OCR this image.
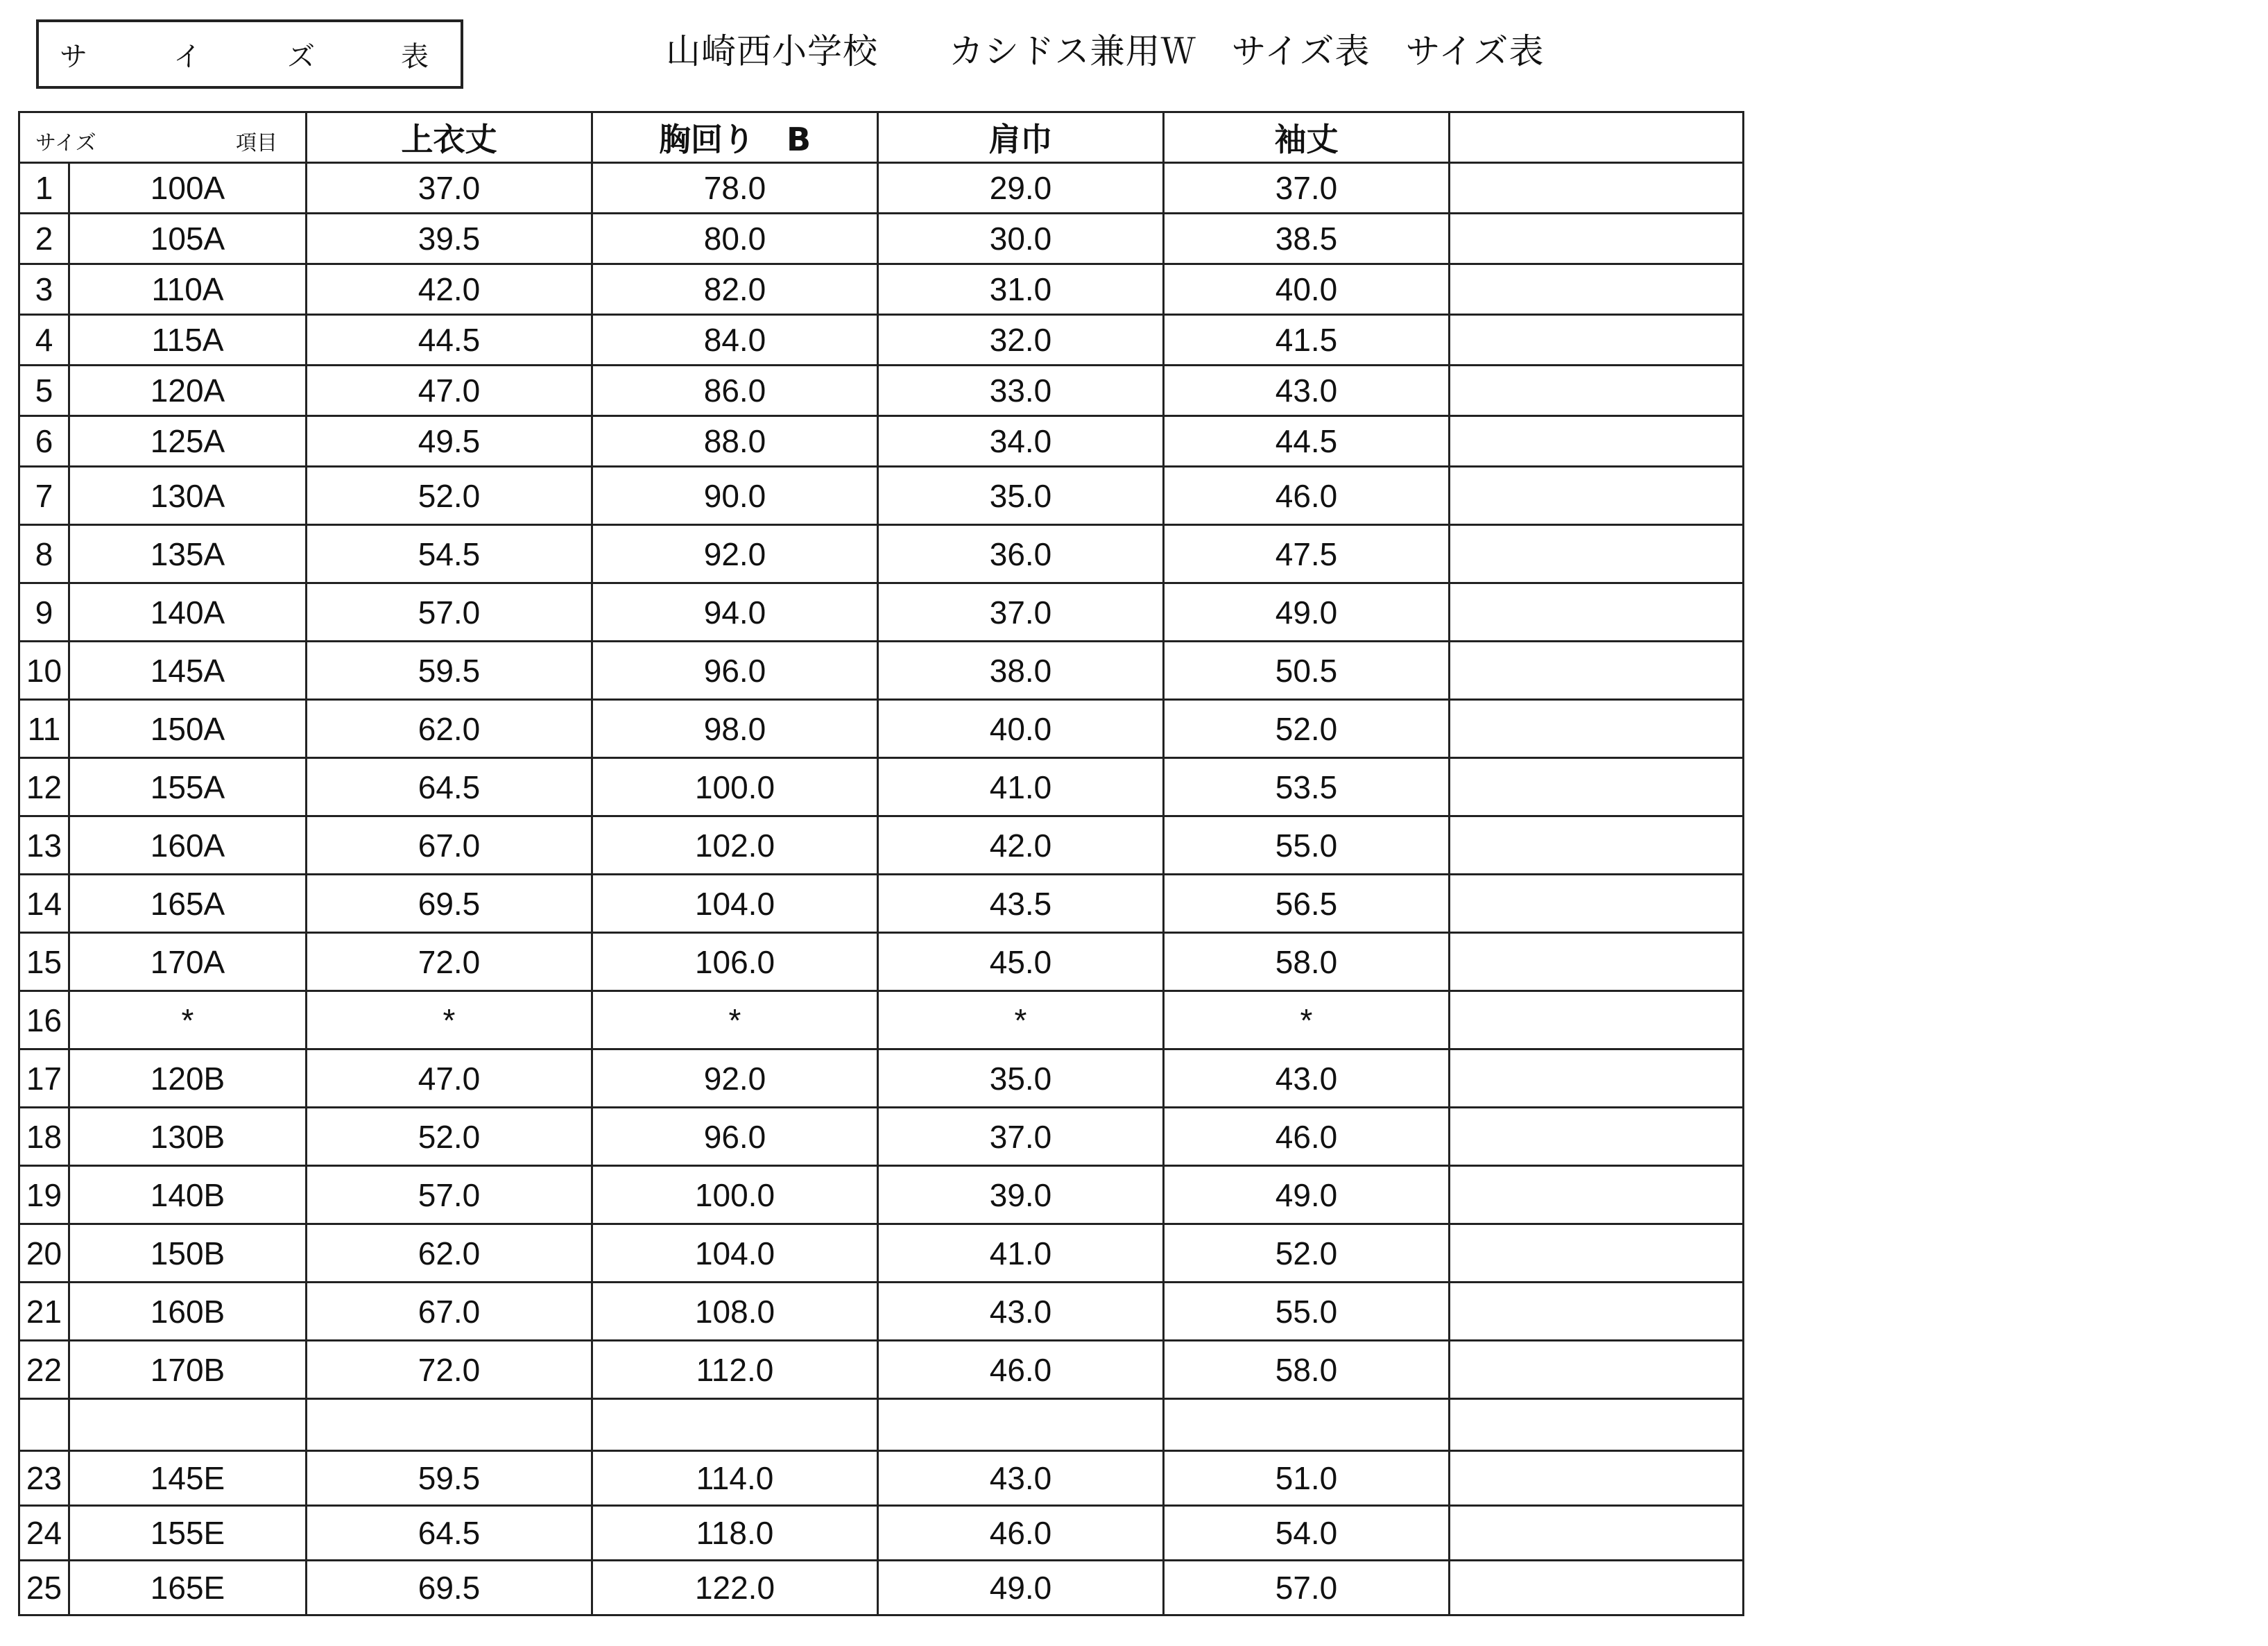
サ	イ	ズ	表	山崎西小学校　　カシドス兼用Ｗ　サイズ表　サイズ表
サイズ 項目		上衣丈	胸回り　B	肩巾	袖丈	
1	100A	37.0	78.0	29.0	37.0	
2	105A	39.5	80.0	30.0	38.5	
3	110A	42.0	82.0	31.0	40.0	
4	115A	44.5	84.0	32.0	41.5	
5	120A	47.0	86.0	33.0	43.0	
6	125A	49.5	88.0	34.0	44.5	
7	130A	52.0	90.0	35.0	46.0	
8	135A	54.5	92.0	36.0	47.5	
9	140A	57.0	94.0	37.0	49.0	
10	145A	59.5	96.0	38.0	50.5	
11	150A	62.0	98.0	40.0	52.0	
12	155A	64.5	100.0	41.0	53.5	
13	160A	67.0	102.0	42.0	55.0	
14	165A	69.5	104.0	43.5	56.5	
15	170A	72.0	106.0	45.0	58.0	
16	*	*	*	*	*	
17	120B	47.0	92.0	35.0	43.0	
18	130B	52.0	96.0	37.0	46.0	
19	140B	57.0	100.0	39.0	49.0	
20	150B	62.0	104.0	41.0	52.0	
21	160B	67.0	108.0	43.0	55.0	
22	170B	72.0	112.0	46.0	58.0	

23	145E	59.5	114.0	43.0	51.0	
24	155E	64.5	118.0	46.0	54.0	
25	165E	69.5	122.0	49.0	57.0	
